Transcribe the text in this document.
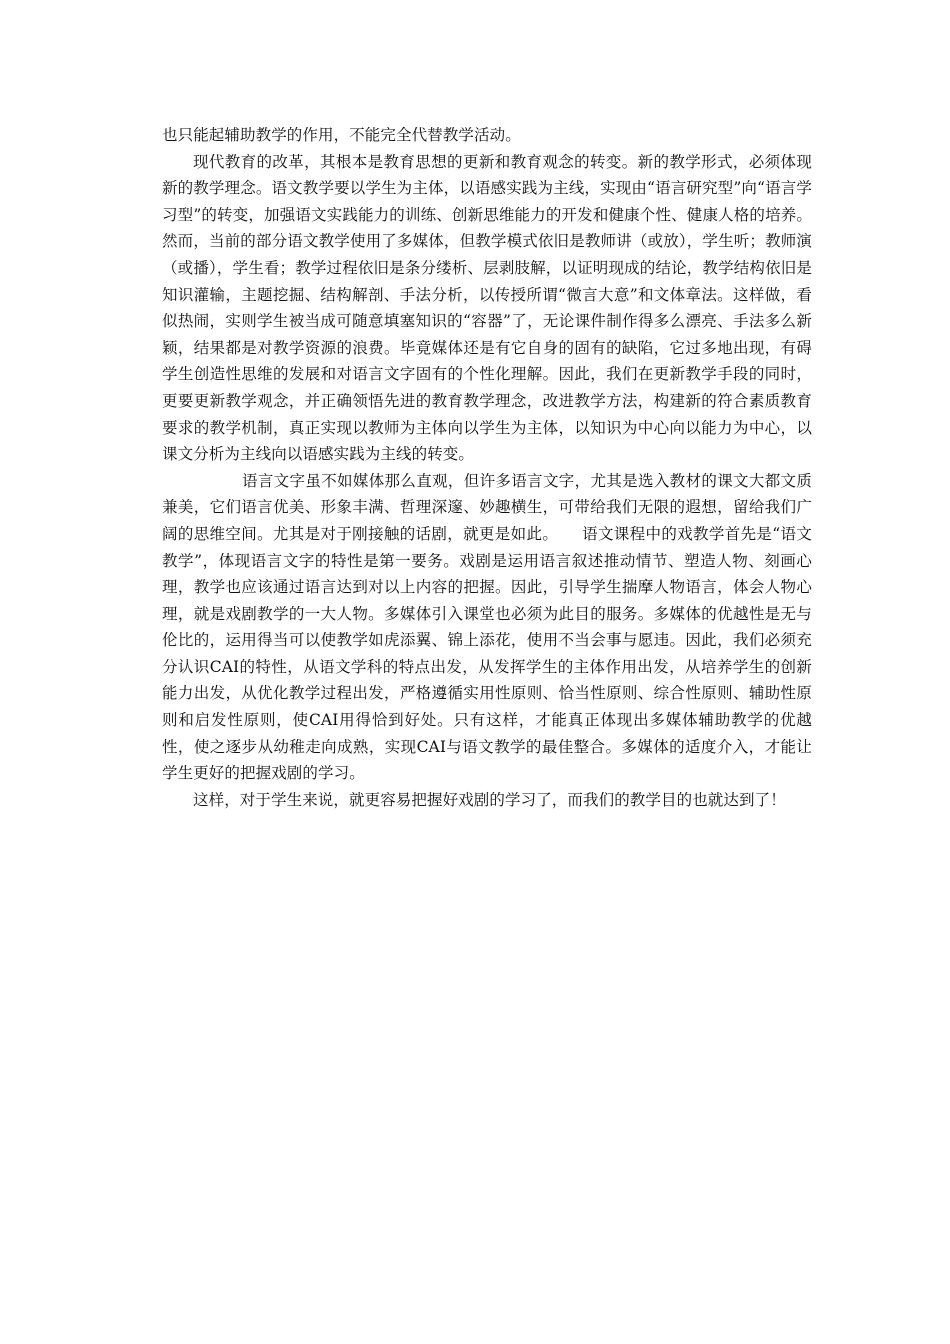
也只能起辅助教学的作用，不能完全代替教学活动。

现代教育的改革，其根本是教育思想的更新和教育观念的转变。新的教学形式，必须体现新的教学理念。语文教学要以学生为主体，以语感实践为主线，实现由“语言研究型”向“语言学习型”的转变，加强语文实践能力的训练、创新思维能力的开发和健康个性、健康人格的培养。然而，当前的部分语文教学使用了多媒体，但教学模式依旧是教师讲（或放），学生听；教师演（或播），学生看；教学过程依旧是条分缕析、层剥肢解，以证明现成的结论，教学结构依旧是知识灌输，主题挖掘、结构解剖、手法分析，以传授所谓“微言大意”和文体章法。这样做，看似热闹，实则学生被当成可随意填塞知识的“容器”了，无论课件制作得多么漂亮、手法多么新颖，结果都是对教学资源的浪费。毕竟媒体还是有它自身的固有的缺陷，它过多地出现，有碍学生创造性思维的发展和对语言文字固有的个性化理解。因此，我们在更新教学手段的同时，更要更新教学观念，并正确领悟先进的教育教学理念，改进教学方法，构建新的符合素质教育要求的教学机制，真正实现以教师为主体向以学生为主体，以知识为中心向以能力为中心，以课文分析为主线向以语感实践为主线的转变。

语言文字虽不如媒体那么直观，但许多语言文字，尤其是选入教材的课文大都文质兼美，它们语言优美、形象丰满、哲理深邃、妙趣横生，可带给我们无限的遐想，留给我们广阔的思维空间。尤其是对于刚接触的话剧，就更是如此。　　语文课程中的戏教学首先是“语文教学”，体现语言文字的特性是第一要务。戏剧是运用语言叙述推动情节、塑造人物、刻画心理，教学也应该通过语言达到对以上内容的把握。因此，引导学生揣摩人物语言，体会人物心理，就是戏剧教学的一大人物。多媒体引入课堂也必须为此目的服务。多媒体的优越性是无与伦比的，运用得当可以使教学如虎添翼、锦上添花，使用不当会事与愿违。因此，我们必须充分认识CAI的特性，从语文学科的特点出发，从发挥学生的主体作用出发，从培养学生的创新能力出发，从优化教学过程出发，严格遵循实用性原则、恰当性原则、综合性原则、辅助性原则和启发性原则，使CAI用得恰到好处。只有这样，才能真正体现出多媒体辅助教学的优越性，使之逐步从幼稚走向成熟，实现CAI与语文教学的最佳整合。多媒体的适度介入，才能让学生更好的把握戏剧的学习。

这样，对于学生来说，就更容易把握好戏剧的学习了，而我们的教学目的也就达到了！
